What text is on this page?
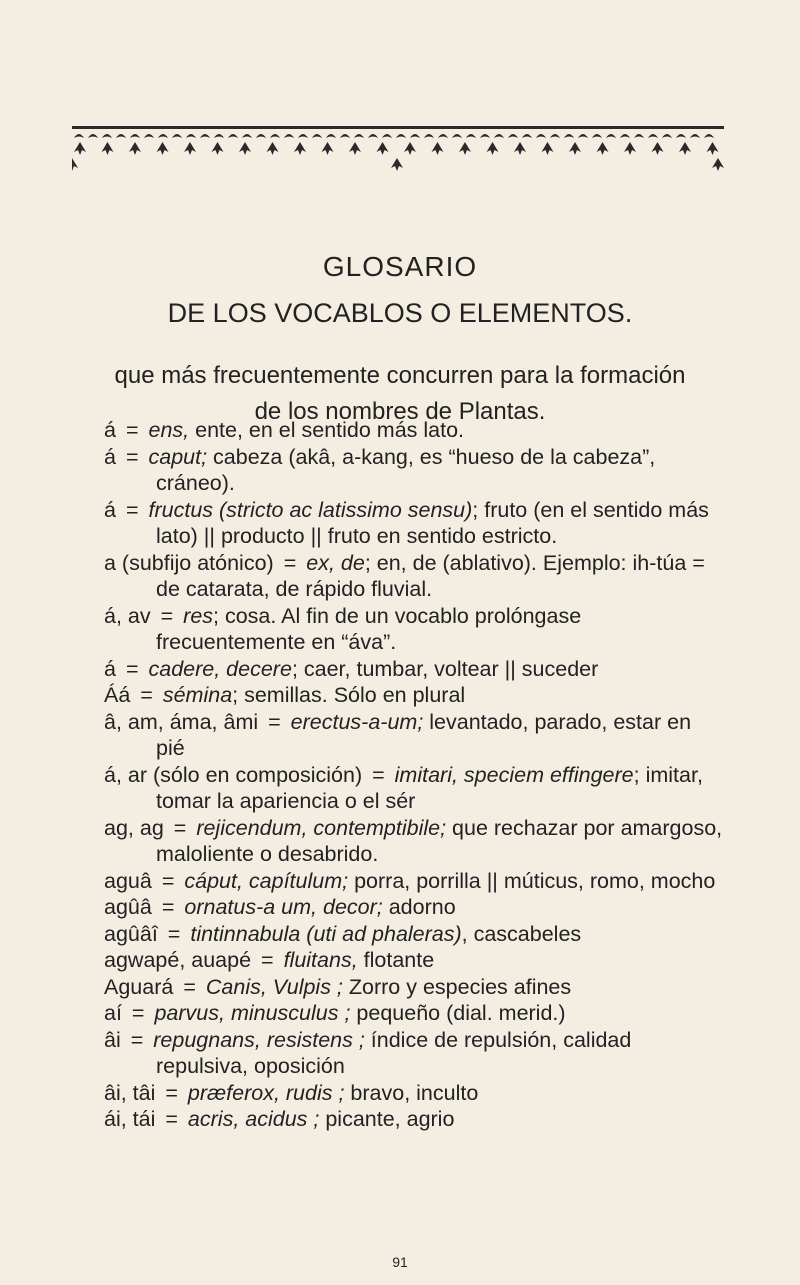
GLOSARIO
DE LOS VOCABLOS O ELEMENTOS.
que más frecuentemente concurren para la formación
de los nombres de Plantas.

á = ens, ente, en el sentido más lato.

á = caput; cabeza (akâ, a-kang, es “hueso de la cabeza”, cráneo).

á = fructus (stricto ac latissimo sensu); fruto (en el sentido más lato) || producto || fruto en sentido estricto.

a (subfijo atónico) = ex, de; en, de (ablativo). Ejemplo: ih-túa = de catarata, de rápido fluvial.

á, av = res; cosa. Al fin de un vocablo prolóngase frecuentemente en “áva”.

á = cadere, decere; caer, tumbar, voltear || suceder

Áá = sémina; semillas. Sólo en plural

â, am, áma, âmi = erectus-a-um; levantado, parado, estar en pié

á, ar (sólo en composición) = imitari, speciem effingere; imitar, tomar la apariencia o el sér

ag, ag = rejicendum, contemptibile; que rechazar por amargoso, maloliente o desabrido.

aguâ = cáput, capítulum; porra, porrilla || múticus, romo, mocho

agûâ = ornatus-a um, decor; adorno

agûâî = tintinnabula (uti ad phaleras), cascabeles

agwapé, auapé = fluitans, flotante

Aguará = Canis, Vulpis ; Zorro y especies afines

aí = parvus, minusculus ; pequeño (dial. merid.)

âi = repugnans, resistens ; índice de repulsión, calidad repulsiva, oposición

âi, tâi = præferox, rudis ; bravo, inculto

ái, tái = acris, acidus ; picante, agrio

91
